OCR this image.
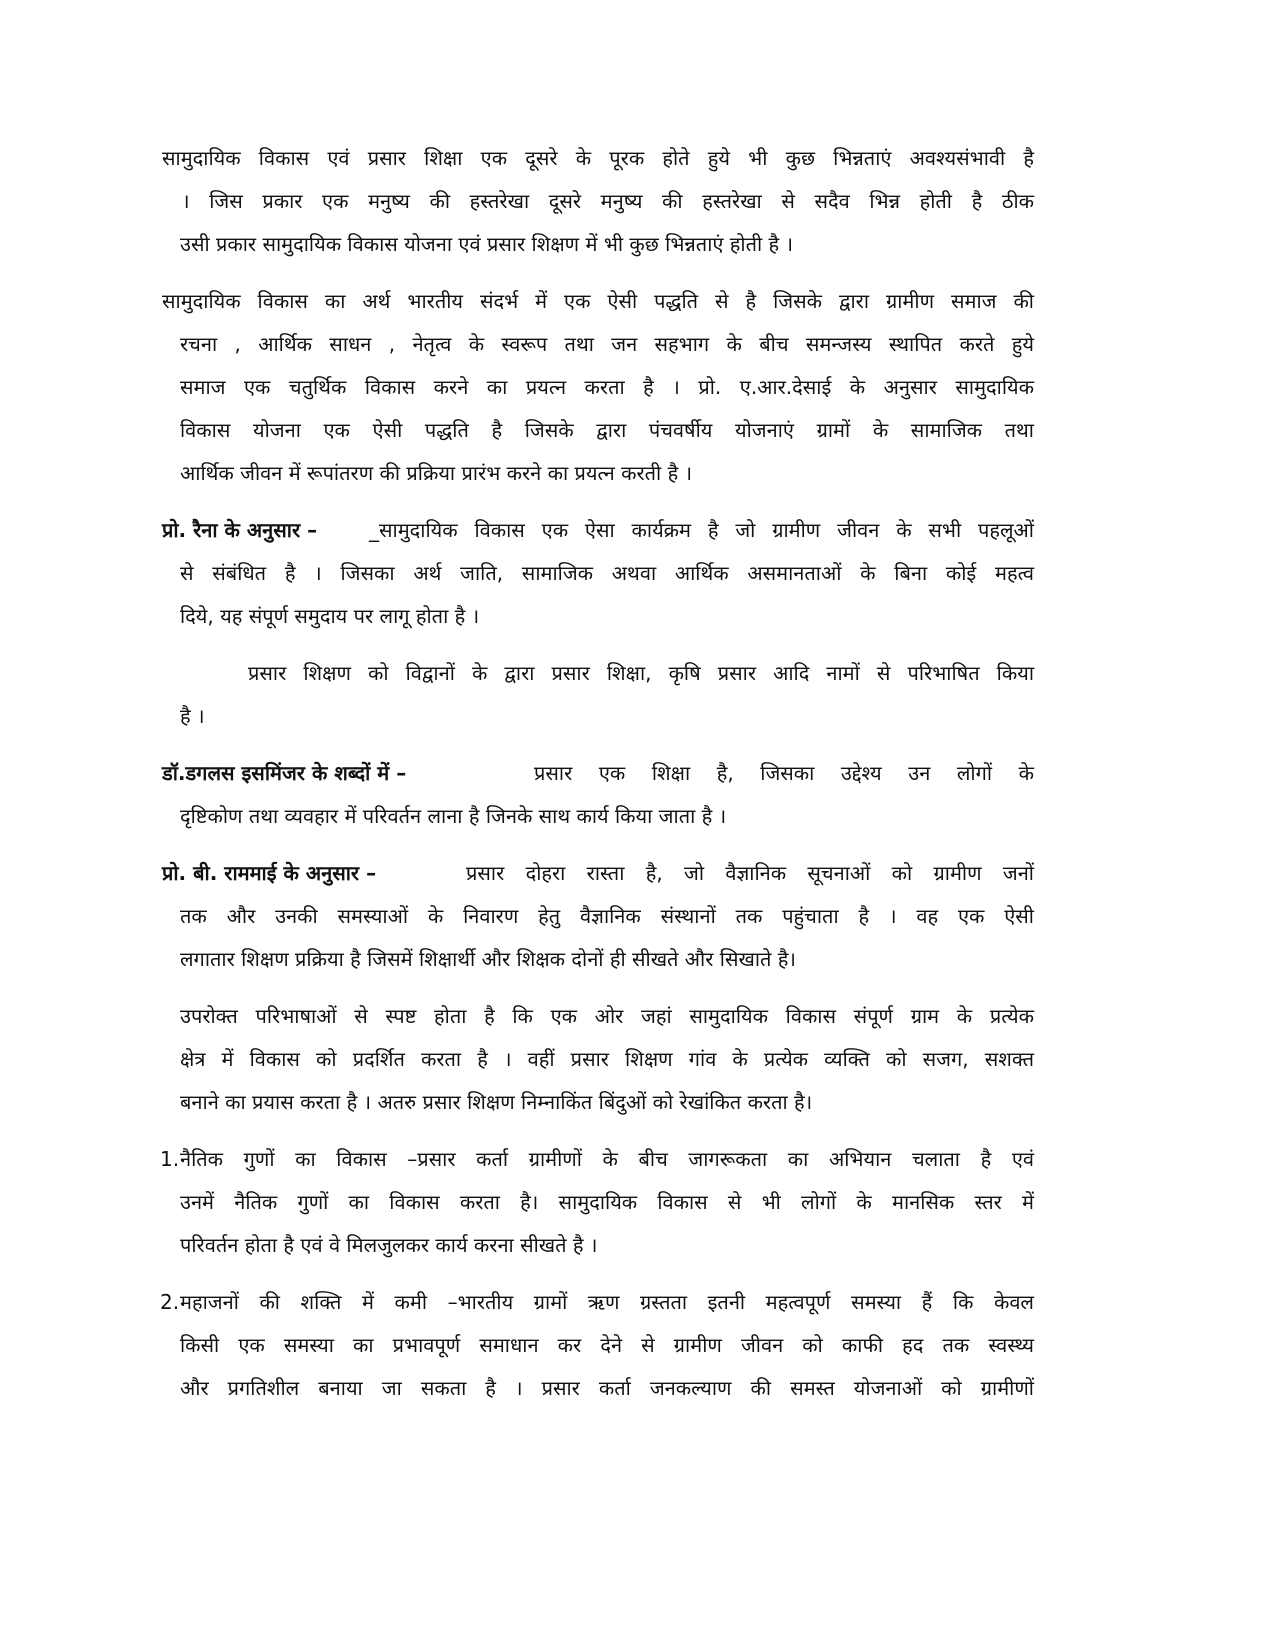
सामुदायिक विकास एवं प्रसार शिक्षा एक दूसरे के पूरक होते हुये भी कुछ भिन्नताएं अवश्यसंभावी है
। जिस प्रकार एक मनुष्य की हस्तरेखा दूसरे मनुष्य की हस्तरेखा से सदैव भिन्न होती है ठीक
उसी प्रकार सामुदायिक विकास योजना एवं प्रसार शिक्षण में भी कुछ भिन्नताएं होती है ।
सामुदायिक विकास का अर्थ भारतीय संदर्भ में एक ऐसी पद्धति से है जिसके द्वारा ग्रामीण समाज की
रचना , आर्थिक साधन , नेतृत्व के स्वरूप तथा जन सहभाग के बीच समन्जस्य स्थापित करते हुये
समाज एक चतुर्थिक विकास करने का प्रयत्न करता है । प्रो. ए.आर.देसाई के अनुसार सामुदायिक
विकास योजना एक ऐसी पद्धति है जिसके द्वारा पंचवर्षीय योजनाएं ग्रामों के सामाजिक तथा
आर्थिक जीवन में रूपांतरण की प्रक्रिया प्रारंभ करने का प्रयत्न करती है ।
प्रो. रैना के अनुसार –	_सामुदायिक विकास एक ऐसा कार्यक्रम है जो ग्रामीण जीवन के सभी पहलूओं
से संबंधित है । जिसका अर्थ जाति, सामाजिक अथवा आर्थिक असमानताओं के बिना कोई महत्व
दिये, यह संपूर्ण समुदाय पर लागू होता है ।
प्रसार शिक्षण को विद्वानों के द्वारा प्रसार शिक्षा, कृषि प्रसार आदि नामों से परिभाषित किया
है ।
डॉ.डगलस इसमिंजर के शब्दों में –	प्रसार एक शिक्षा है, जिसका उद्देश्य उन लोगों के
दृष्टिकोण तथा व्यवहार में परिवर्तन लाना है जिनके साथ कार्य किया जाता है ।
प्रो. बी. राममाई के अनुसार –	प्रसार दोहरा रास्ता है, जो वैज्ञानिक सूचनाओं को ग्रामीण जनों
तक और उनकी समस्याओं के निवारण हेतु वैज्ञानिक संस्थानों तक पहुंचाता है । वह एक ऐसी
लगातार शिक्षण प्रक्रिया है जिसमें शिक्षार्थी और शिक्षक दोनों ही सीखते और सिखाते है।
उपरोक्त परिभाषाओं से स्पष्ट होता है कि एक ओर जहां सामुदायिक विकास संपूर्ण ग्राम के प्रत्येक
क्षेत्र में विकास को प्रदर्शित करता है । वहीं प्रसार शिक्षण गांव के प्रत्येक व्यक्ति को सजग, सशक्त
बनाने का प्रयास करता है । अतरु प्रसार शिक्षण निम्नाकिंत बिंदुओं को रेखांकित करता है।
1. नैतिक गुणों का विकास –प्रसार कर्ता ग्रामीणों के बीच जागरूकता का अभियान चलाता है एवं
उनमें नैतिक गुणों का विकास करता है। सामुदायिक विकास से भी लोगों के मानसिक स्तर में
परिवर्तन होता है एवं वे मिलजुलकर कार्य करना सीखते है ।
2. महाजनों की शक्ति में कमी –भारतीय ग्रामों ऋण ग्रस्तता इतनी महत्वपूर्ण समस्या हैं कि केवल
किसी एक समस्या का प्रभावपूर्ण समाधान कर देने से ग्रामीण जीवन को काफी हद तक स्वस्थ्य
और प्रगतिशील बनाया जा सकता है । प्रसार कर्ता जनकल्याण की समस्त योजनाओं को ग्रामीणों
